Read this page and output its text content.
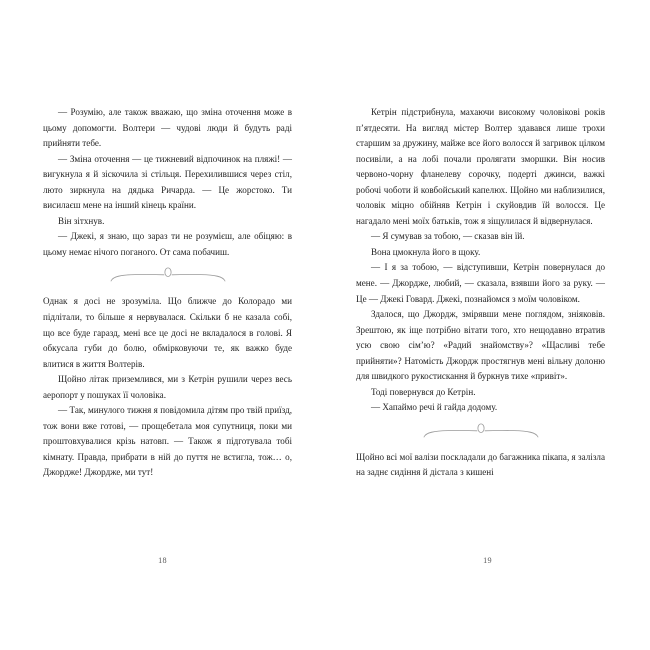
— Розумію, але також вважаю, що зміна оточення може в цьому допомогти. Волтери — чудові люди й будуть раді прийняти тебе.

— Зміна оточення — це тижневий відпочинок на пляжі! — вигукнула я й зіскочила зі стільця. Перехилившися через стіл, люто зиркнула на дядька Ричарда. — Це жорстоко. Ти висилаєш мене на інший кінець країни.

Він зітхнув.

— Джекі, я знаю, що зараз ти не розумієш, але обіцяю: в цьому немає нічого поганого. От сама побачиш.

Однак я досі не зрозуміла. Що ближче до Колорадо ми підлітали, то більше я нервувалася. Скільки б не казала собі, що все буде гаразд, мені все це досі не вкладалося в голові. Я обкусала губи до болю, обмірковуючи те, як важко буде влитися в життя Волтерів.

Щойно літак приземлився, ми з Кетрін рушили через весь аеропорт у пошуках її чоловіка.

— Так, минулого тижня я повідомила дітям про твій приїзд, тож вони вже готові, — прощебетала моя супутниця, поки ми проштовхувалися крізь натовп. — Також я підготувала тобі кімнату. Правда, прибрати в ній до пуття не встигла, тож… о, Джордже! Джордже, ми тут!

18

Кетрін підстрибнула, махаючи високому чоловікові років п’ятдесяти. На вигляд містер Волтер здавався лише трохи старшим за дружину, майже все його волосся й загривок цілком посивіли, а на лобі почали пролягати зморшки. Він носив червоно-чорну фланелеву сорочку, подерті джинси, важкі робочі чоботи й ковбойський капелюх. Щойно ми наблизилися, чоловік міцно обійняв Кетрін і скуйовдив їй волосся. Це нагадало мені моїх батьків, тож я зіщулилася й відвернулася.

— Я сумував за тобою, — сказав він їй.

Вона цмокнула його в щоку.

— І я за тобою, — відступивши, Кетрін повернулася до мене. — Джордже, любий, — сказала, взявши його за руку. — Це — Джекі Говард. Джекі, познайомся з моїм чоловіком.

Здалося, що Джордж, змірявши мене поглядом, зніяковів. Зрештою, як іще потрібно вітати того, хто нещодавно втратив усю свою сім’ю? «Радий знайомству»? «Щасливі тебе прийняти»? Натомість Джордж простягнув мені вільну долоню для швидкого рукостискання й буркнув тихе «привіт».

Тоді повернувся до Кетрін.

— Хапаймо речі й гайда додому.

Щойно всі мої валізи посклaдали до багажника пікапа, я залізла на заднє сидіння й дістала з кишені

19
